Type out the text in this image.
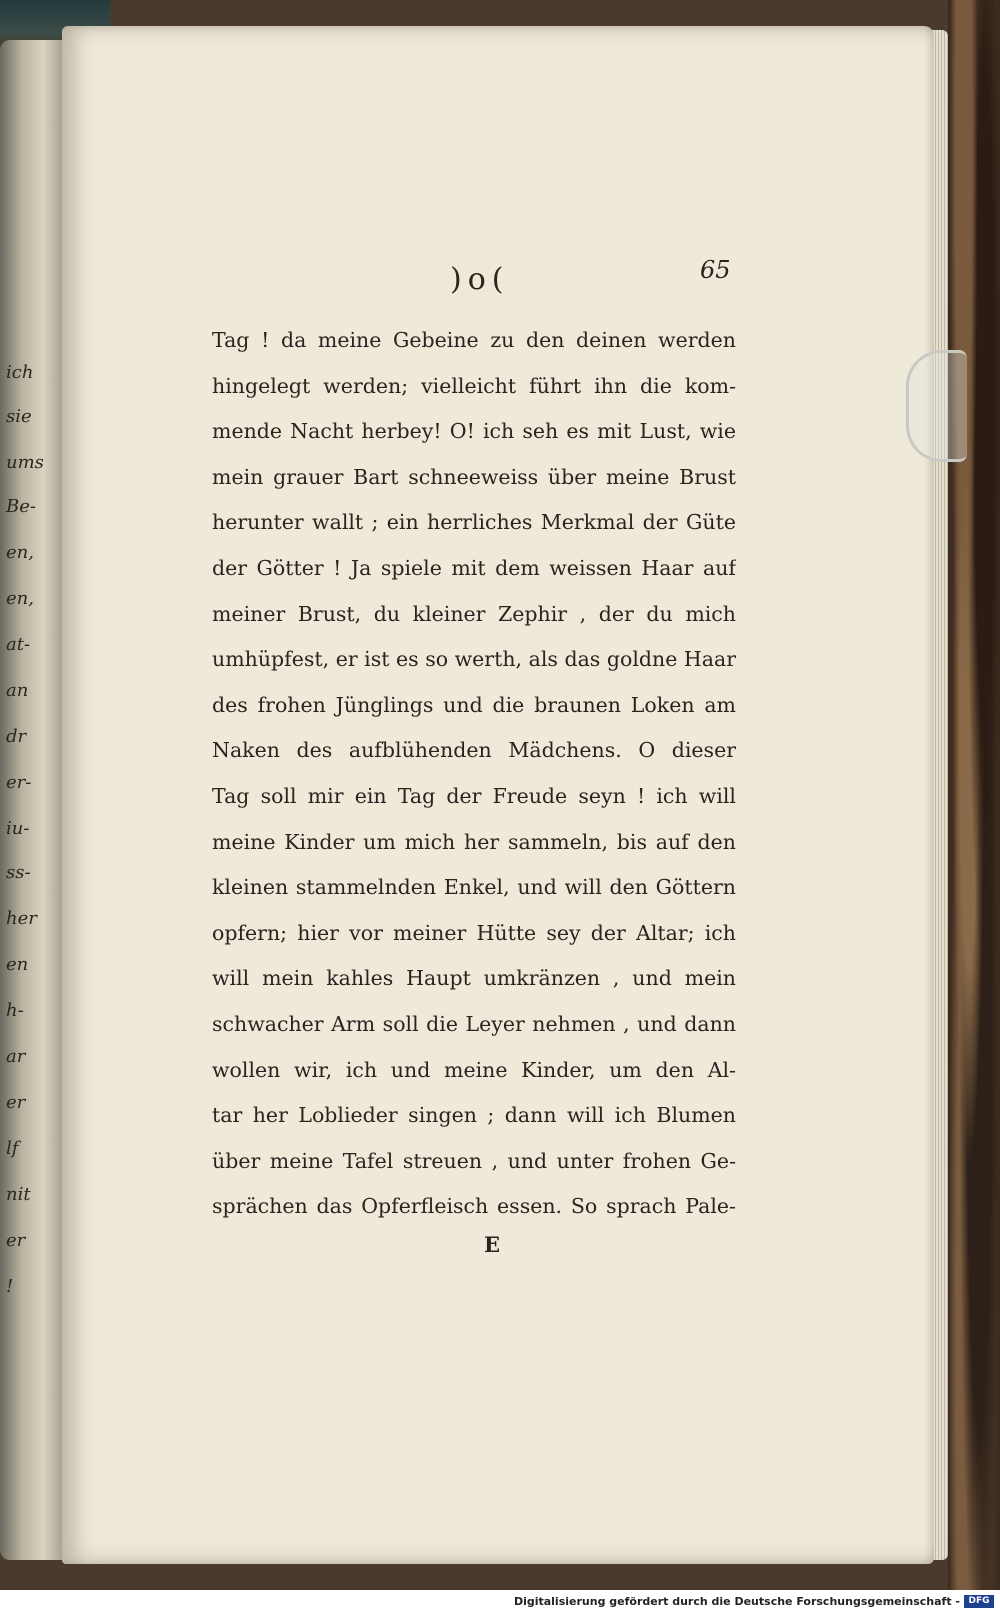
ich
sie
ums
Be-
en,
en,
at-
an
dr
er-
iu-
ss-
her
en
h-
ar
er
lf
nit
er
!
)o(	65
Tag ! da meine Gebeine zu den deinen werden
hingelegt werden; vielleicht führt ihn die kom-
mende Nacht herbey! O! ich seh es mit Lust, wie
mein grauer Bart schneeweiss über meine Brust
herunter wallt ; ein herrliches Merkmal der Güte
der Götter ! Ja spiele mit dem weissen Haar auf
meiner Brust, du kleiner Zephir , der du mich
umhüpfest, er ist es so werth, als das goldne Haar
des frohen Jünglings und die braunen Loken am
Naken des aufblühenden Mädchens. O dieser
Tag soll mir ein Tag der Freude seyn ! ich will
meine Kinder um mich her sammeln, bis auf den
kleinen stammelnden Enkel, und will den Göttern
opfern; hier vor meiner Hütte sey der Altar; ich
will mein kahles Haupt umkränzen , und mein
schwacher Arm soll die Leyer nehmen , und dann
wollen wir, ich und meine Kinder, um den Al-
tar her Loblieder singen ; dann will ich Blumen
über meine Tafel streuen , und unter frohen Ge-
sprächen das Opferfleisch essen. So sprach Pale-
E
Digitalisierung gefördert durch die Deutsche Forschungsgemeinschaft - DFG
